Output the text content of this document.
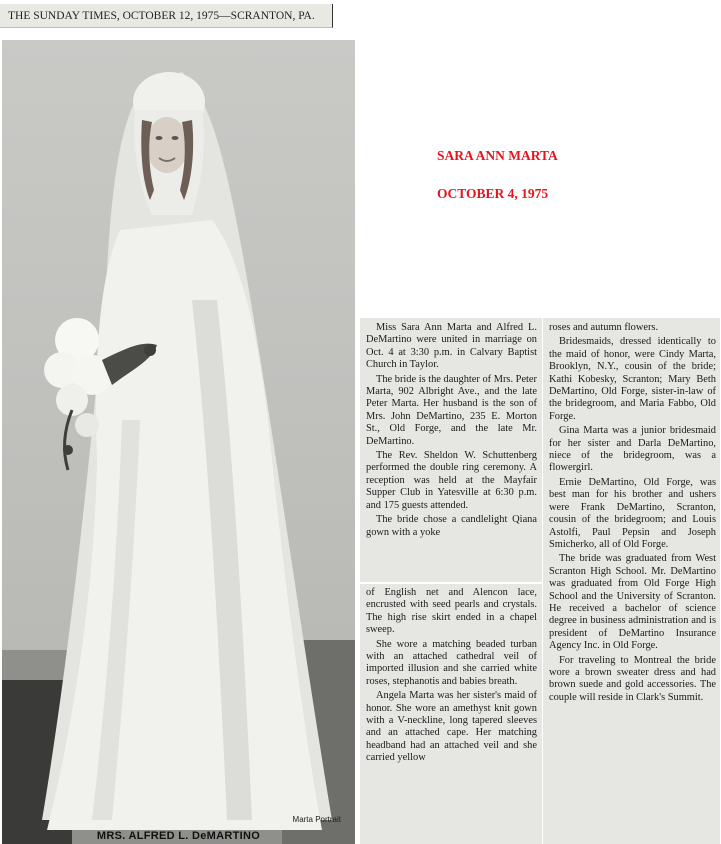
THE SUNDAY TIMES, OCTOBER 12, 1975—SCRANTON, PA.
Marta Portrait
MRS. ALFRED L. DeMARTINO
SARA ANN MARTA
OCTOBER 4, 1975

Miss Sara Ann Marta and Alfred L. DeMartino were united in marriage on Oct. 4 at 3:30 p.m. in Calvary Baptist Church in Taylor.

The bride is the daughter of Mrs. Peter Marta, 902 Albright Ave., and the late Peter Marta. Her husband is the son of Mrs. John DeMartino, 235 E. Morton St., Old Forge, and the late Mr. DeMartino.

The Rev. Sheldon W. Schuttenberg performed the double ring ceremony. A reception was held at the Mayfair Supper Club in Yatesville at 6:30 p.m. and 175 guests attended.

The bride chose a candlelight Qiana gown with a yoke

of English net and Alencon lace, encrusted with seed pearls and crystals. The high rise skirt ended in a chapel sweep.

She wore a matching beaded turban with an attached cathedral veil of imported illusion and she carried white roses, stephanotis and babies breath.

Angela Marta was her sister's maid of honor. She wore an amethyst knit gown with a V-neckline, long tapered sleeves and an attached cape. Her matching headband had an attached veil and she carried yellow

roses and autumn flowers.

Bridesmaids, dressed identically to the maid of honor, were Cindy Marta, Brooklyn, N.Y., cousin of the bride; Kathi Kobesky, Scranton; Mary Beth DeMartino, Old Forge, sister-in-law of the bridegroom, and Maria Fabbo, Old Forge.

Gina Marta was a junior bridesmaid for her sister and Darla DeMartino, niece of the bridegroom, was a flowergirl.

Ernie DeMartino, Old Forge, was best man for his brother and ushers were Frank DeMartino, Scranton, cousin of the bridegroom; and Louis Astolfi, Paul Pepsin and Joseph Smicherko, all of Old Forge.

The bride was graduated from West Scranton High School. Mr. DeMartino was graduated from Old Forge High School and the University of Scranton. He received a bachelor of science degree in business administration and is president of DeMartino Insurance Agency Inc. in Old Forge.

For traveling to Montreal the bride wore a brown sweater dress and had brown suede and gold accessories. The couple will reside in Clark's Summit.
